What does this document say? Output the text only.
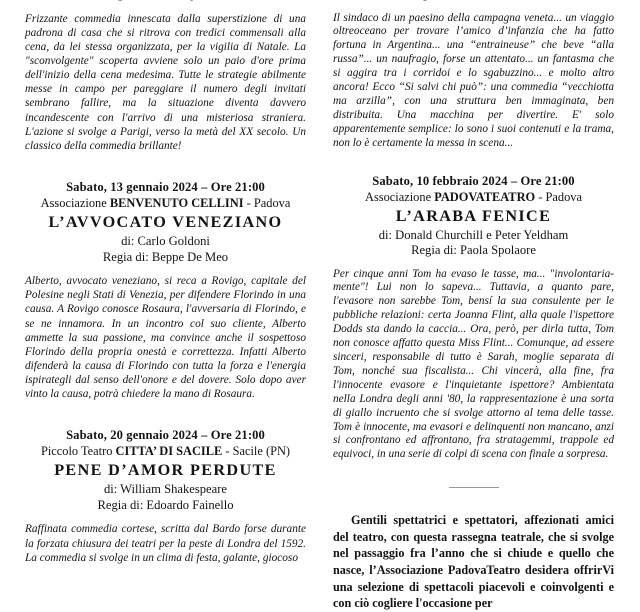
Frizzante commedia innescata dalla superstizione di una padrona di casa che si ritrova con tredici commensali alla cena, da lei stessa organizzata, per la vigilia di Natale. La "sconvolgente" scoperta avviene solo un paio d'ore prima dell'inizio della cena medesima. Tutte le strategie abilmente messe in campo per pareggiare il numero degli invitati sembrano fallire, ma la situazione diventa davvero incandescente con l'arrivo di una misteriosa straniera. L'azione si svolge a Parigi, verso la metà del XX secolo. Un classico della commedia brillante!

Sabato, 13 gennaio 2024 – Ore 21:00
Associazione BENVENUTO CELLINI - Padova
L’AVVOCATO VENEZIANO
di: Carlo Goldoni
Regia di: Beppe De Meo

Alberto, avvocato veneziano, si reca a Rovigo, capitale del Polesine negli Stati di Venezia, per difendere Florindo in una causa. A Rovigo conosce Rosaura, l'avversaria di Florindo, e se ne innamora. In un incontro col suo cliente, Alberto ammette la sua passione, ma convince anche il sospettoso Florindo della propria onestà e correttezza. Infatti Alberto difenderà la causa di Florindo con tutta la forza e l'energia ispirategli dal senso dell'onore e del dovere. Solo dopo aver vinto la causa, potrà chiedere la mano di Rosaura.

Sabato, 20 gennaio 2024 – Ore 21:00
Piccolo Teatro CITTA’ DI SACILE - Sacile (PN)
PENE D’AMOR PERDUTE
di: William Shakespeare
Regia di: Edoardo Fainello

Raffinata commedia cortese, scritta dal Bardo forse durante la forzata chiusura dei teatri per la peste di Londra del 1592. La commedia si svolge in un clima di festa, galante, giocoso

Il sindaco di un paesino della campagna veneta... un viaggio oltreoceano per trovare l’amico d’infanzia che ha fatto fortuna in Argentina... una “entraineuse” che beve “alla russa”... un naufragio, forse un attentato... un fantasma che si aggira tra i corridoi e lo sgabuzzino... e molto altro ancora! Ecco “Si salvi chi può”: una commedia “vecchiotta ma arzilla”, con una struttura ben immaginata, ben distribuita. Una macchina per divertire. E' solo apparentemente semplice: lo sono i suoi contenuti e la trama, non lo è certamente la messa in scena...

Sabato, 10 febbraio 2024 – Ore 21:00
Associazione PADOVATEATRO - Padova
L’ARABA FENICE
di: Donald Churchill e Peter Yeldham
Regia di: Paola Spolaore

Per cinque anni Tom ha evaso le tasse, ma... "involontaria-mente"! Lui non lo sapeva... Tuttavia, a quanto pare, l'evasore non sarebbe Tom, bensí la sua consulente per le pubbliche relazioni: certa Joanna Flint, alla quale l'ispettore Dodds sta dando la caccia... Ora, però, per dirla tutta, Tom non conosce affatto questa Miss Flint... Comunque, ad essere sinceri, responsabile di tutto è Sarah, moglie separata di Tom, nonché sua fiscalista... Chi vincerà, alla fine, fra l'innocente evasore e l'inquietante ispettore? Ambientata nella Londra degli anni '80, la rappresentazione è una sorta di giallo incruento che si svolge attorno al tema delle tasse. Tom è innocente, ma evasori e delinquenti non mancano, anzi si confrontano ed affrontano, fra stratagemmi, trappole ed equivoci, in una serie di colpi di scena con finale a sorpresa.

Gentili spettatrici e spettatori, affezionati amici del teatro, con questa rassegna teatrale, che si svolge nel passaggio fra l’anno che si chiude e quello che nasce, l’Associazione PadovaTeatro desidera offrirVi una selezione di spettacoli piacevoli e coinvolgenti e con ciò cogliere l'occasione per
